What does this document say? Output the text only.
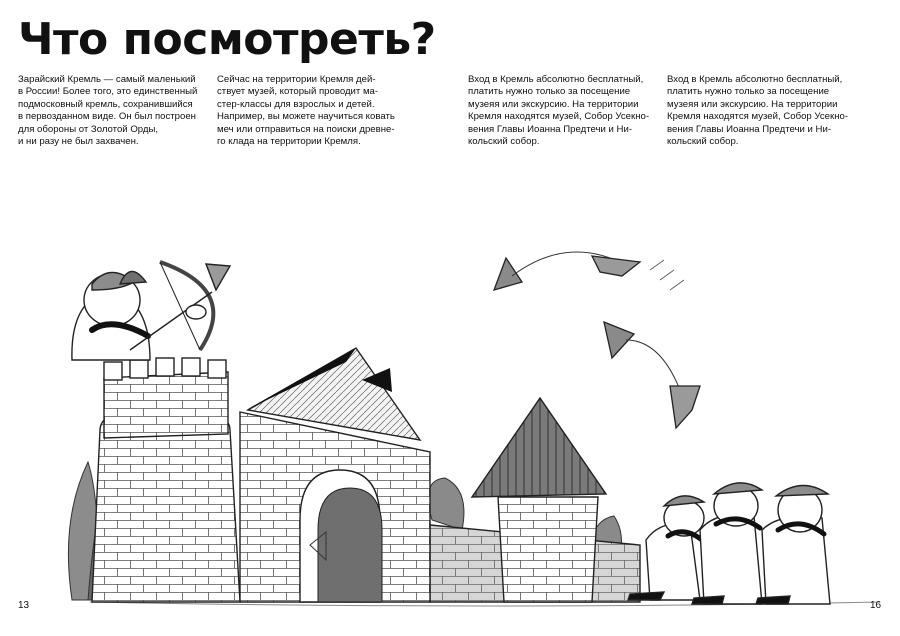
Что посмотреть?

Зарайский Кремль — самый маленький
в России! Более того, это единственный
подмосковный кремль, сохранившийся
в первозданном виде. Он был построен
для обороны от Золотой Орды,
и ни разу не был захвачен.

Сейчас на территории Кремля дей-
ствует музей, который проводит ма-
стер-классы для взрослых и детей.
Например, вы можете научиться ковать
меч или отправиться на поиски древне-
го клада на территории Кремля.

Вход в Кремль абсолютно бесплатный,
платить нужно только за посещение
музеяя или экскурсию. На территории
Кремля находятся музей, Собор Усекно-
вения Главы Иоанна Предтечи и Ни-
кольский собор.

Вход в Кремль абсолютно бесплатный,
платить нужно только за посещение
музеяя или экскурсию. На территории
Кремля находятся музей, Собор Усекно-
вения Главы Иоанна Предтечи и Ни-
кольский собор.

13	16
